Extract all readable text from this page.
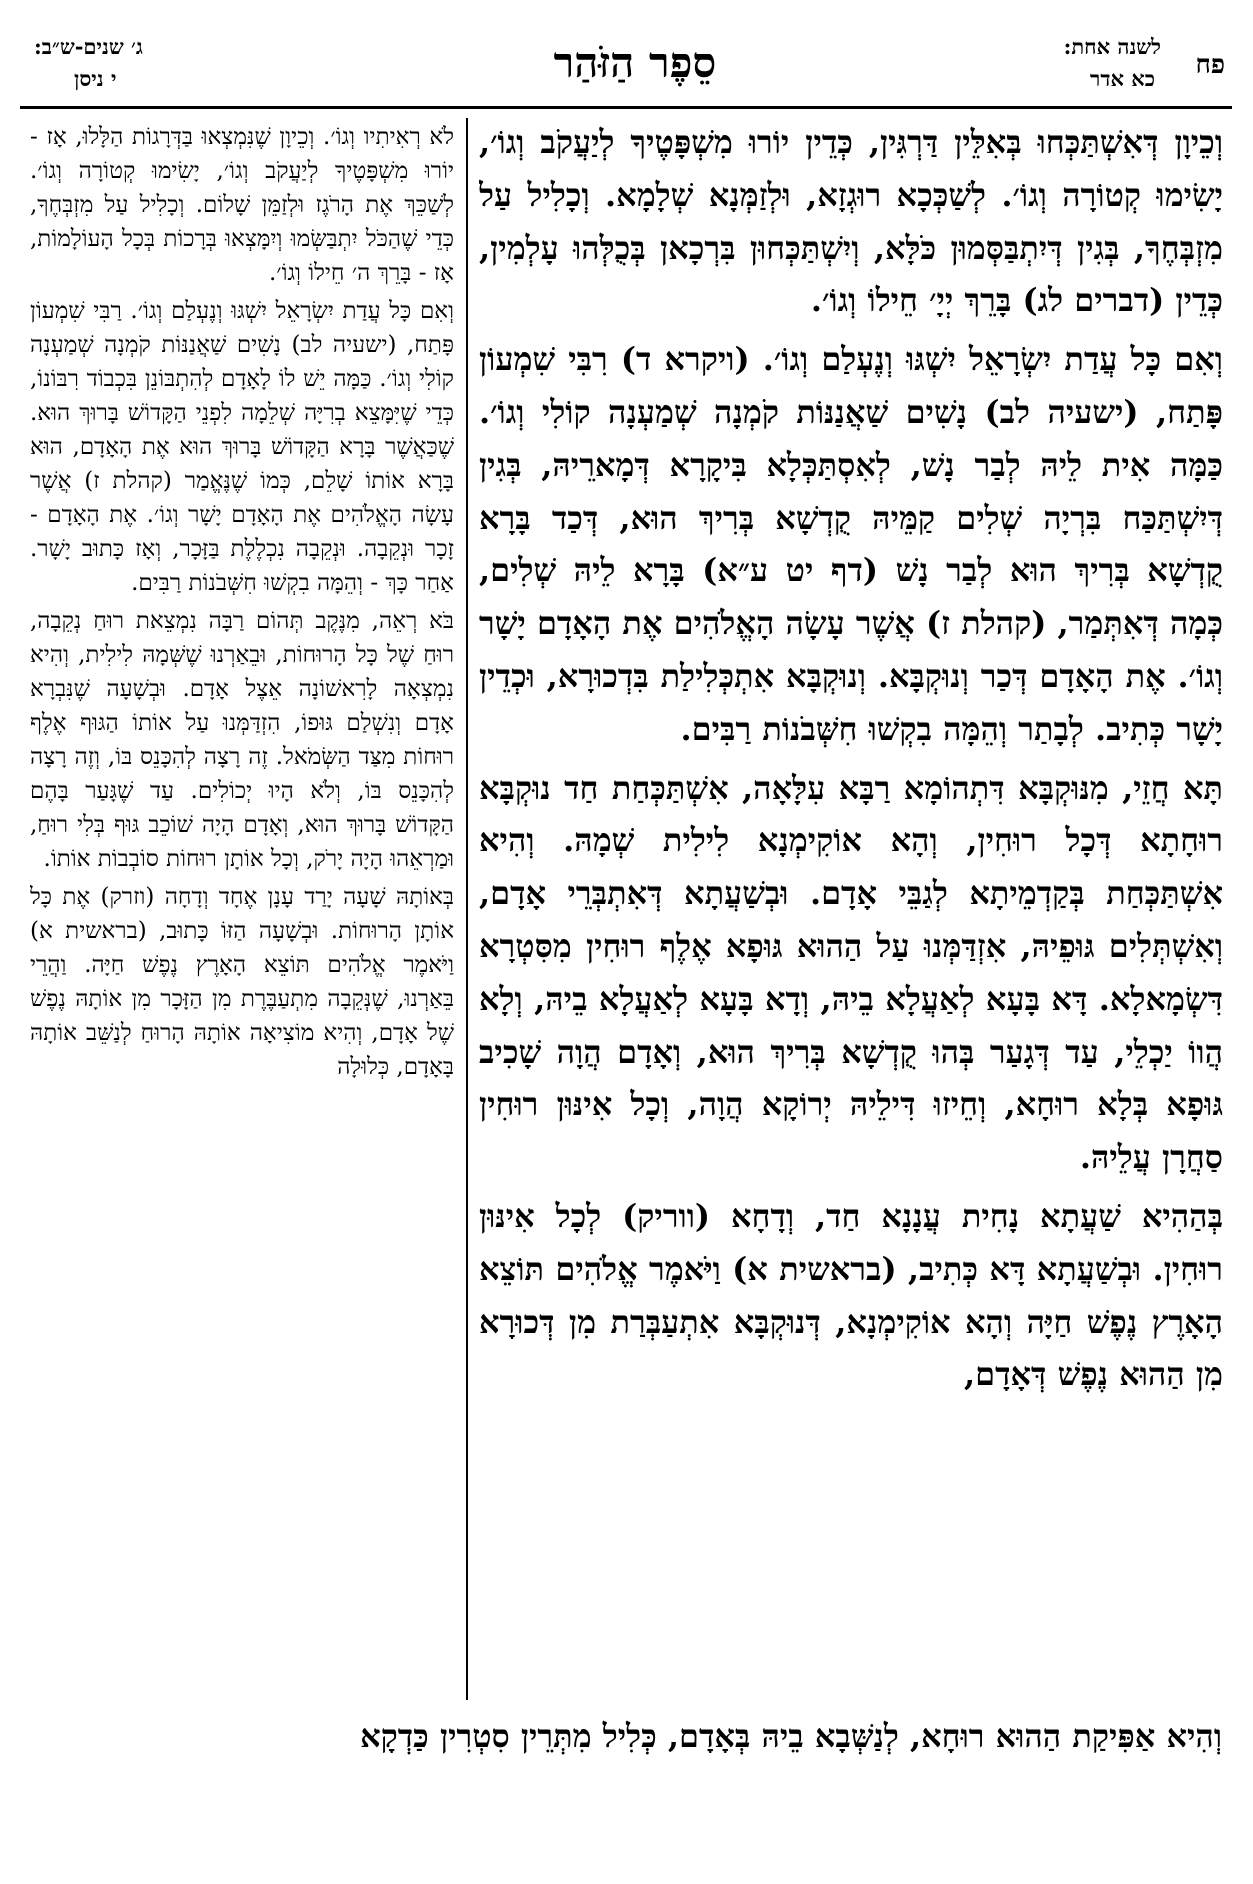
פח
לשנה אחת:
כא אדר
סֵפֶר הַזֹּהַר
ג׳ שנים-ש״ב:
י ניסן

וְכֵיוָן דְּאִשְׁתַּכְּחוּ בְּאִלֵּין דַּרְגִּין, כְּדֵין יוֹרוּ מִשְׁפָּטֶיךָ לְיַעֲקֹב וְגוֹ׳, יָשִׂימוּ קְטוֹרָה וְגוֹ׳. לְשַׁכְּכָא רוּגְזָא, וּלְזַמְּנָא שְׁלָמָא. וְכָלִיל עַל מִזְבְּחֶךָ, בְּגִין דְּיִתְבַּסְּמוּן כֹּלָּא, וְיִשְׁתַּכְּחוּן בִּרְכָאן בְּכֻלְּהוּ עָלְמִין, כְּדֵין (דברים לג) בָּרֵךְ יְיָ׳ חֵילוֹ וְגוֹ׳.

וְאִם כָּל עֲדַת יִשְׂרָאֵל יִשְׁגּוּ וְנֶעְלַם וְגוֹ׳. (ויקרא ד) רִבִּי שִׁמְעוֹן פָּתַח, (ישעיה לב) נָשִׁים שַׁאֲנַנּוֹת קֹמְנָה שְׁמַעְנָה קוֹלִי וְגוֹ׳. כַּמָּה אִית לֵיהּ לְבַר נָשׁ, לְאִסְתַּכְּלָא בִּיקָרָא דְּמָארֵיהּ, בְּגִין דְּיִשְׁתַּכַּח בִּרְיָה שְׁלִים קַמֵּיהּ קֻדְשָׁא בְּרִיךְ הוּא, דְּכַד בָּרָא קֻדְשָׁא בְּרִיךְ הוּא לְבַר נָשׁ (דף יט ע״א) בָּרָא לֵיהּ שְׁלִים, כְּמָה דְּאִתְּמַר, (קהלת ז) אֲשֶׁר עָשָׂה הָאֱלֹהִים אֶת הָאָדָם יָשָׁר וְגוֹ׳. אֶת הָאָדָם דְּכַר וְנוּקְבָּא. וְנוּקְבָּא אִתְכְּלִילַת בִּדְכוּרָא, וּכְדֵין יָשָׁר כְּתִיב. לְבָתַר וְהֵמָּה בִקְשׁוּ חִשְּׁבֹנוֹת רַבִּים.

תָּא חֲזֵי, מִנּוּקְבָּא דִּתְהוֹמָא רַבָּא עִלָּאָה, אִשְׁתַּכְּחַת חַד נוּקְבָּא רוּחָתָא דְּכָל רוּחִין, וְהָא אוֹקִימְנָא לִילִית שְׁמָהּ. וְהִיא אִשְׁתַּכְּחַת בְּקַדְמֵיתָא לְגַבֵּי אָדָם. וּבְשַׁעֲתָא דְּאִתְבְּרֵי אָדָם, וְאִשְׁתְּלִים גּוּפֵיהּ, אִזְדַּמְּנוּ עַל הַהוּא גּוּפָא אֶלֶף רוּחִין מִסִּטְרָא דִּשְׂמָאלָא. דָּא בָּעָא לְאַעֲלָא בֵיהּ, וְדָא בָּעָא לְאַעֲלָא בֵיהּ, וְלָא הֲווֹ יַכְלֵי, עַד דְּגָעַר בְּהוּ קֻדְשָׁא בְּרִיךְ הוּא, וְאָדָם הֲוָה שָׁכִיב גּוּפָא בְּלָא רוּחָא, וְחֵיזוּ דִּילֵיהּ יְרוֹקָא הֲוָה, וְכָל אִינּוּן רוּחִין סַחֲרָן עֲלֵיהּ.

בְּהַהִיא שַׁעֲתָא נָחִית עֲנָנָא חַד, וְדָחָא (ווריק) לְכָל אִינּוּן רוּחִין. וּבְשַׁעֲתָא דָּא כְּתִיב, (בראשית א) וַיֹּאמֶר אֱלֹהִים תּוֹצֵא הָאָרֶץ נֶפֶשׁ חַיָּה וְהָא אוֹקִימְנָא, דְּנוּקְבָּא אִתְעַבְּרַת מִן דְּכוּרָא מִן הַהוּא נֶפֶשׁ דְּאָדָם,

לֹא רְאִיתִיו וְגוֹ׳. וְכֵיוָן שֶׁנִּמְצְאוּ בַּדְּרָגוֹת הַלָּלוּ, אָז - יוֹרוּ מִשְׁפָּטֶיךָ לְיַעֲקֹב וְגוֹ׳, יָשִׂימוּ קְטוֹרָה וְגוֹ׳. לְשַׁכֵּךְ אֶת הָרֹגֶז וּלְזַמֵּן שָׁלוֹם. וְכָלִיל עַל מִזְבְּחֶךָ, כְּדֵי שֶׁהַכֹּל יִתְבַּשְּׂמוּ וְיִמָּצְאוּ בְּרָכוֹת בְּכָל הָעוֹלָמוֹת, אָז - בָּרֵךְ ה׳ חֵילוֹ וְגוֹ׳.

וְאִם כָּל עֲדַת יִשְׂרָאֵל יִשְׁגּוּ וְנֶעְלַם וְגוֹ׳. רַבִּי שִׁמְעוֹן פָּתַח, (ישעיה לב) נָשִׁים שַׁאֲנַנּוֹת קֹמְנָה שְׁמַעְנָה קוֹלִי וְגוֹ׳. כַּמָּה יֵשׁ לוֹ לָאָדָם לְהִתְבּוֹנֵן בִּכְבוֹד רִבּוֹנוֹ, כְּדֵי שֶׁיִּמָּצֵא בְרִיָּה שְׁלֵמָה לִפְנֵי הַקָּדוֹשׁ בָּרוּךְ הוּא. שֶׁכַּאֲשֶׁר בָּרָא הַקָּדוֹשׁ בָּרוּךְ הוּא אֶת הָאָדָם, הוּא בָּרָא אוֹתוֹ שָׁלֵם, כְּמוֹ שֶׁנֶּאֱמַר (קהלת ז) אֲשֶׁר עָשָׂה הָאֱלֹהִים אֶת הָאָדָם יָשָׁר וְגוֹ׳. אֶת הָאָדָם - זָכָר וּנְקֵבָה. וּנְקֵבָה נִכְלֶלֶת בַּזָּכָר, וְאָז כָּתוּב יָשָׁר. אַחַר כָּךְ - וְהֵמָּה בִקְשׁוּ חִשְּׁבֹנוֹת רַבִּים.

בֹּא רְאֵה, מִנֶּקֶב תְּהוֹם רַבָּה נִמְצֵאת רוּחַ נְקֵבָה, רוּחַ שֶׁל כָּל הָרוּחוֹת, וּבֵאַרְנוּ שֶׁשְּׁמָהּ לִילִית, וְהִיא נִמְצְאָה לָרִאשׁוֹנָה אֵצֶל אָדָם. וּבְשָׁעָה שֶׁנִּבְרָא אָדָם וְנִשְׁלַם גּוּפוֹ, הִזְדַּמְּנוּ עַל אוֹתוֹ הַגּוּף אֶלֶף רוּחוֹת מִצַּד הַשְּׂמֹאל. זֶה רָצָה לְהִכָּנֵס בּוֹ, וְזֶה רָצָה לְהִכָּנֵס בּוֹ, וְלֹא הָיוּ יְכוֹלִים. עַד שֶׁגָּעַר בָּהֶם הַקָּדוֹשׁ בָּרוּךְ הוּא, וְאָדָם הָיָה שׁוֹכֵב גּוּף בְּלִי רוּחַ, וּמַרְאֵהוּ הָיָה יָרֹק, וְכָל אוֹתָן רוּחוֹת סוֹבְבוֹת אוֹתוֹ.

בְּאוֹתָהּ שָׁעָה יָרַד עָנָן אֶחָד וְדָחָה (וזרק) אֶת כָּל אוֹתָן הָרוּחוֹת. וּבְשָׁעָה הַזּוֹ כָּתוּב, (בראשית א) וַיֹּאמֶר אֱלֹהִים תּוֹצֵא הָאָרֶץ נֶפֶשׁ חַיָּה. וַהֲרֵי בֵּאַרְנוּ, שֶׁנְּקֵבָה מִתְעַבֶּרֶת מִן הַזָּכָר מִן אוֹתָהּ נֶפֶשׁ שֶׁל אָדָם, וְהִיא מוֹצִיאָה אוֹתָהּ הָרוּחַ לְנַשֵּׁב אוֹתָהּ בָּאָדָם, כְּלוּלָה

וְהִיא אַפִּיקַת הַהוּא רוּחָא, לְנַשְּׁבָא בֵיהּ בְּאָדָם, כְּלִיל מִתְּרֵין סִטְרִין כַּדְקָא
